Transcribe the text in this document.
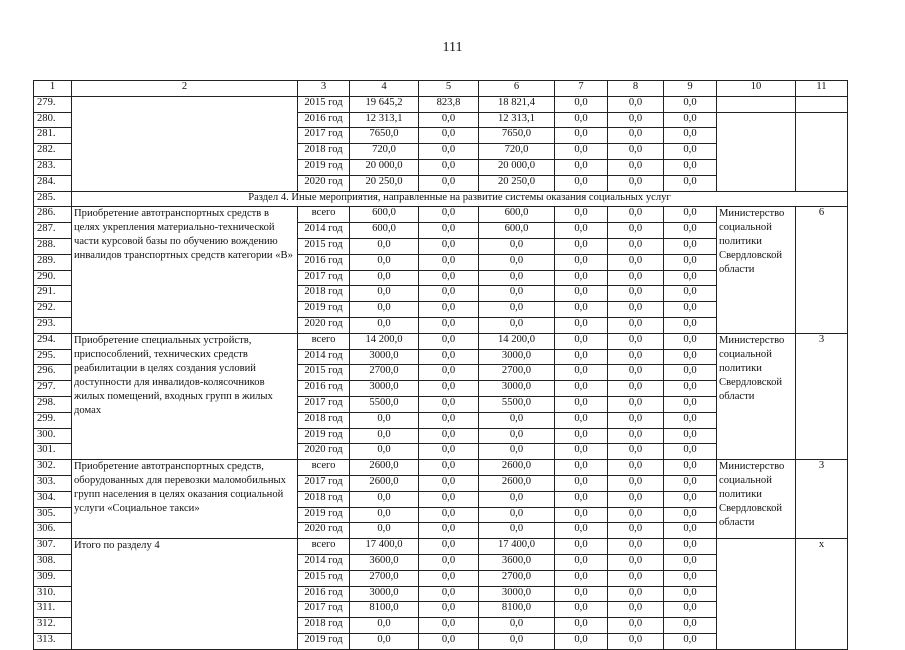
111
1	2	3	4	5	6	7	8	9	10	11
279.		2015 год	19 645,2	823,8	18 821,4	0,0	0,0	0,0		
280.		2016 год	12 313,1	0,0	12 313,1	0,0	0,0	0,0		
281.		2017 год	7650,0	0,0	7650,0	0,0	0,0	0,0		
282.		2018 год	720,0	0,0	720,0	0,0	0,0	0,0		
283.		2019 год	20 000,0	0,0	20 000,0	0,0	0,0	0,0		
284.		2020 год	20 250,0	0,0	20 250,0	0,0	0,0	0,0		
285.	Раздел 4. Иные мероприятия, направленные на развитие системы оказания социальных услуг									
286.	Приобретение автотранспортных средств в целях укрепления материально-технической части курсовой базы по обучению вождению инвалидов транспортных средств категории «В»	всего	600,0	0,0	600,0	0,0	0,0	0,0	Министерство социальной политики Свердловской области	6
287.		2014 год	600,0	0,0	600,0	0,0	0,0	0,0		
288.		2015 год	0,0	0,0	0,0	0,0	0,0	0,0		
289.		2016 год	0,0	0,0	0,0	0,0	0,0	0,0		
290.		2017 год	0,0	0,0	0,0	0,0	0,0	0,0		
291.		2018 год	0,0	0,0	0,0	0,0	0,0	0,0		
292.		2019 год	0,0	0,0	0,0	0,0	0,0	0,0		
293.		2020 год	0,0	0,0	0,0	0,0	0,0	0,0		
294.	Приобретение специальных устройств, приспособлений, технических средств реабилитации в целях создания условий доступности для инвалидов-колясочников жилых помещений, входных групп в жилых домах	всего	14 200,0	0,0	14 200,0	0,0	0,0	0,0	Министерство социальной политики Свердловской области	3
295.		2014 год	3000,0	0,0	3000,0	0,0	0,0	0,0		
296.		2015 год	2700,0	0,0	2700,0	0,0	0,0	0,0		
297.		2016 год	3000,0	0,0	3000,0	0,0	0,0	0,0		
298.		2017 год	5500,0	0,0	5500,0	0,0	0,0	0,0		
299.		2018 год	0,0	0,0	0,0	0,0	0,0	0,0		
300.		2019 год	0,0	0,0	0,0	0,0	0,0	0,0		
301.		2020 год	0,0	0,0	0,0	0,0	0,0	0,0		
302.	Приобретение автотранспортных средств, оборудованных для перевозки маломобильных групп населения в целях оказания социальной услуги «Социальное такси»	всего	2600,0	0,0	2600,0	0,0	0,0	0,0	Министерство социальной политики Свердловской области	3
303.		2017 год	2600,0	0,0	2600,0	0,0	0,0	0,0		
304.		2018 год	0,0	0,0	0,0	0,0	0,0	0,0		
305.		2019 год	0,0	0,0	0,0	0,0	0,0	0,0		
306.		2020 год	0,0	0,0	0,0	0,0	0,0	0,0		
307.	Итого по разделу 4	всего	17 400,0	0,0	17 400,0	0,0	0,0	0,0		x
308.		2014 год	3600,0	0,0	3600,0	0,0	0,0	0,0		
309.		2015 год	2700,0	0,0	2700,0	0,0	0,0	0,0		
310.		2016 год	3000,0	0,0	3000,0	0,0	0,0	0,0		
311.		2017 год	8100,0	0,0	8100,0	0,0	0,0	0,0		
312.		2018 год	0,0	0,0	0,0	0,0	0,0	0,0		
313.		2019 год	0,0	0,0	0,0	0,0	0,0	0,0		
